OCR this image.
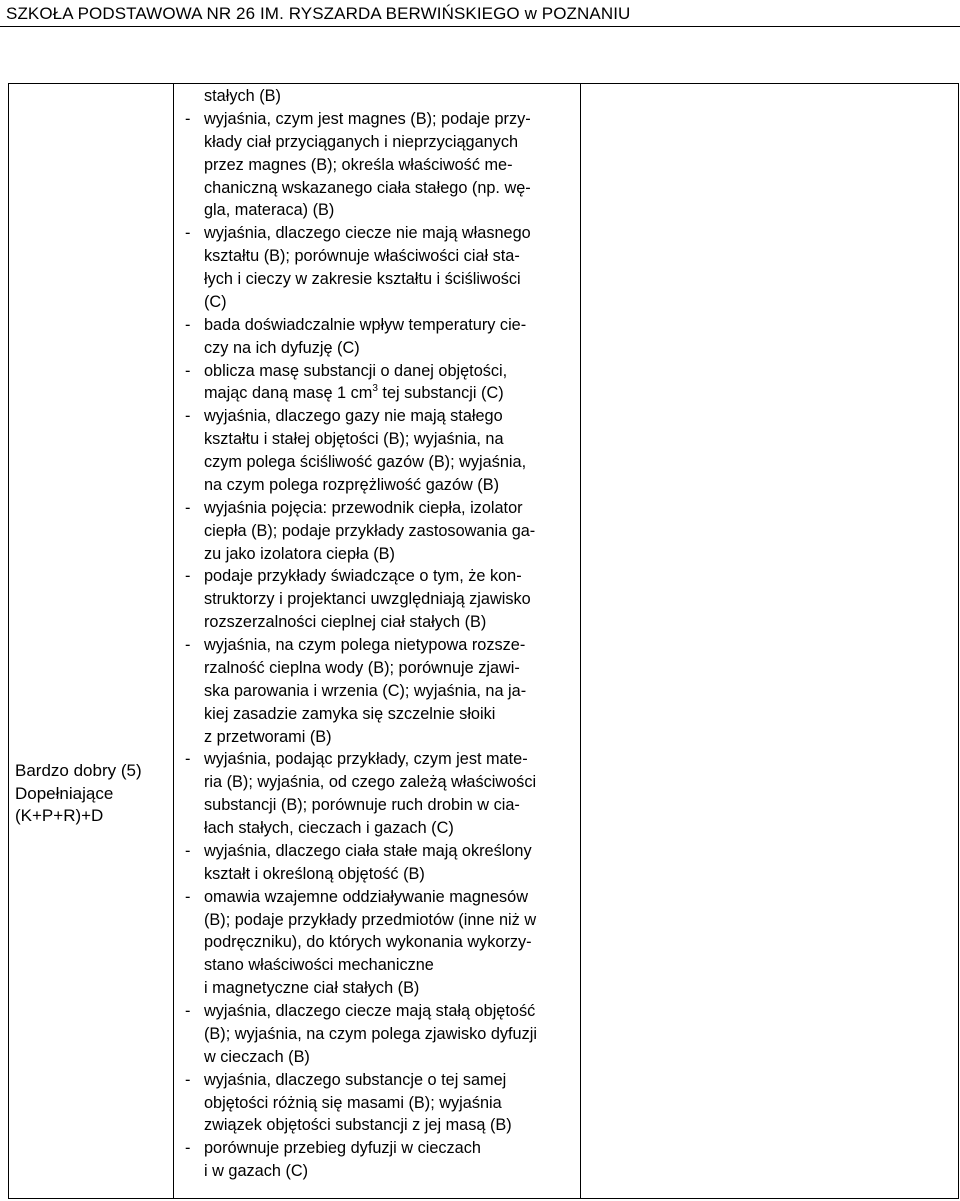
SZKOŁA PODSTAWOWA NR 26 IM. RYSZARDA BERWIŃSKIEGO w POZNANIU
Bardzo dobry (5)
Dopełniające
(K+P+R)+D
stałych (B)
- wyjaśnia, czym jest magnes (B); podaje przy-
kłady ciał przyciąganych i nieprzyciąganych
przez magnes (B); określa właściwość me-
chaniczną wskazanego ciała stałego (np. wę-
gla, materaca) (B)
- wyjaśnia, dlaczego ciecze nie mają własnego
kształtu (B); porównuje właściwości ciał sta-
łych i cieczy w zakresie kształtu i ściśliwości
(C)
- bada doświadczalnie wpływ temperatury cie-
czy na ich dyfuzję (C)
- oblicza masę substancji o danej objętości,
mając daną masę 1 $cm^3$ tej substancji (C)
- wyjaśnia, dlaczego gazy nie mają stałego
kształtu i stałej objętości (B); wyjaśnia, na
czym polega ściśliwość gazów (B); wyjaśnia,
na czym polega rozprężliwość gazów (B)
- wyjaśnia pojęcia: przewodnik ciepła, izolator
ciepła (B); podaje przykłady zastosowania ga-
zu jako izolatora ciepła (B)
- podaje przykłady świadczące o tym, że kon-
struktorzy i projektanci uwzględniają zjawisko
rozszerzalności cieplnej ciał stałych (B)
- wyjaśnia, na czym polega nietypowa rozsze-
rzalność cieplna wody (B); porównuje zjawi-
ska parowania i wrzenia (C); wyjaśnia, na ja-
kiej zasadzie zamyka się szczelnie słoiki
z przetworami (B)
- wyjaśnia, podając przykłady, czym jest mate-
ria (B); wyjaśnia, od czego zależą właściwości
substancji (B); porównuje ruch drobin w cia-
łach stałych, cieczach i gazach (C)
- wyjaśnia, dlaczego ciała stałe mają określony
kształt i określoną objętość (B)
- omawia wzajemne oddziaływanie magnesów
(B); podaje przykłady przedmiotów (inne niż w
podręczniku), do których wykonania wykorzy-
stano właściwości mechaniczne
i magnetyczne ciał stałych (B)
- wyjaśnia, dlaczego ciecze mają stałą objętość
(B); wyjaśnia, na czym polega zjawisko dyfuzji
w cieczach (B)
- wyjaśnia, dlaczego substancje o tej samej
objętości różnią się masami (B); wyjaśnia
związek objętości substancji z jej masą (B)
- porównuje przebieg dyfuzji w cieczach
i w gazach (C)
